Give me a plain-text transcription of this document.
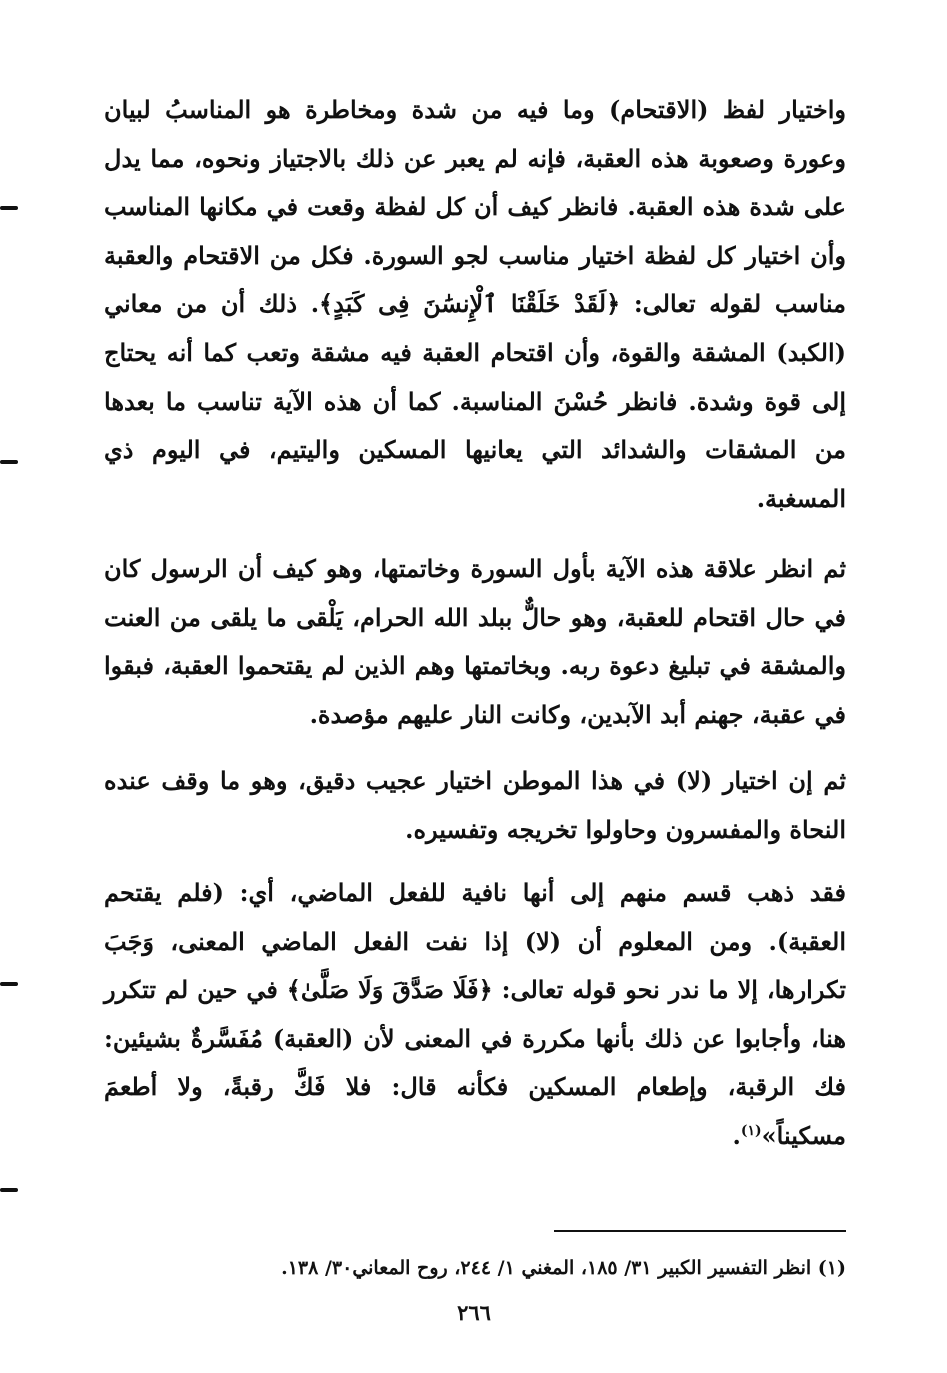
واختيار لفظ (الاقتحام) وما فيه من شدة ومخاطرة هو المناسبُ لبيان وعورة وصعوبة هذه العقبة، فإنه لم يعبر عن ذلك بالاجتياز ونحوه، مما يدل على شدة هذه العقبة. فانظر كيف أن كل لفظة وقعت في مكانها المناسب وأن اختيار كل لفظة اختيار مناسب لجو السورة. فكل من الاقتحام والعقبة مناسب لقوله تعالى: ﴿لَقَدْ خَلَقْنَا ٱلْإِنسَٰنَ فِى كَبَدٍ﴾. ذلك أن من معاني (الكبد) المشقة والقوة، وأن اقتحام العقبة فيه مشقة وتعب كما أنه يحتاج إلى قوة وشدة. فانظر حُسْنَ المناسبة. كما أن هذه الآية تناسب ما بعدها من المشقات والشدائد التي يعانيها المسكين واليتيم، في اليوم ذي المسغبة.

ثم انظر علاقة هذه الآية بأول السورة وخاتمتها، وهو كيف أن الرسول كان في حال اقتحام للعقبة، وهو حالٌّ ببلد الله الحرام، يَلْقى ما يلقى من العنت والمشقة في تبليغ دعوة ربه. وبخاتمتها وهم الذين لم يقتحموا العقبة، فبقوا في عقبة، جهنم أبد الآبدين، وكانت النار عليهم مؤصدة.

ثم إن اختيار (لا) في هذا الموطن اختيار عجيب دقيق، وهو ما وقف عنده النحاة والمفسرون وحاولوا تخريجه وتفسيره.

فقد ذهب قسم منهم إلى أنها نافية للفعل الماضي، أي: (فلم يقتحم العقبة). ومن المعلوم أن (لا) إذا نفت الفعل الماضي المعنى، وَجَبَ تكرارها، إلا ما ندر نحو قوله تعالى: ﴿فَلَا صَدَّقَ وَلَا صَلَّىٰ﴾ في حين لم تتكرر هنا، وأجابوا عن ذلك بأنها مكررة في المعنى لأن (العقبة) مُفَسَّرةٌ بشيئين: فك الرقبة، وإطعام المسكين فكأنه قال: فلا فَكَّ رقبةً، ولا أطعمَ مسكيناً»$^{(١)}$.

(١) انظر التفسير الكبير ٣١/ ١٨٥، المغني ١/ ٢٤٤، روح المعاني٣٠/ ١٣٨.

٢٦٦
